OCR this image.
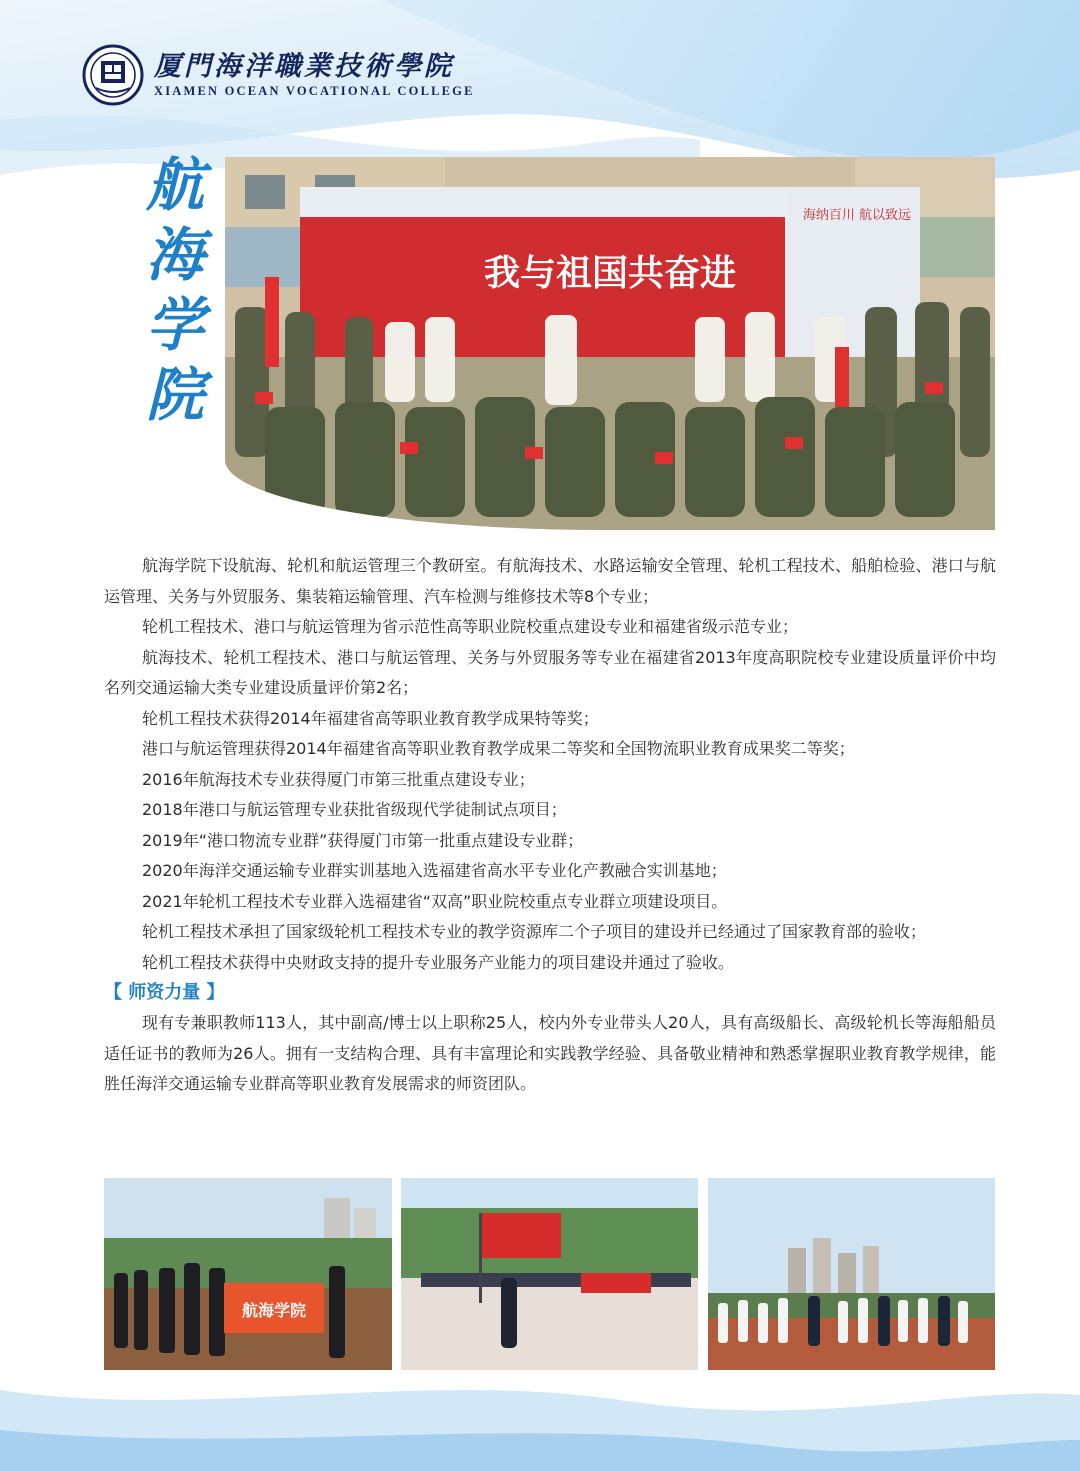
厦門海洋職業技術學院
XIAMEN OCEAN VOCATIONAL COLLEGE
航
海
学
院
我与祖国共奋进
海纳百川 航以致远

航海学院下设航海、轮机和航运管理三个教研室。有航海技术、水路运输安全管理、轮机工程技术、船舶检验、港口与航运管理、关务与外贸服务、集装箱运输管理、汽车检测与维修技术等8个专业；

轮机工程技术、港口与航运管理为省示范性高等职业院校重点建设专业和福建省级示范专业；

航海技术、轮机工程技术、港口与航运管理、关务与外贸服务等专业在福建省2013年度高职院校专业建设质量评价中均名列交通运输大类专业建设质量评价第2名；

轮机工程技术获得2014年福建省高等职业教育教学成果特等奖；

港口与航运管理获得2014年福建省高等职业教育教学成果二等奖和全国物流职业教育成果奖二等奖；

2016年航海技术专业获得厦门市第三批重点建设专业；

2018年港口与航运管理专业获批省级现代学徒制试点项目；

2019年“港口物流专业群”获得厦门市第一批重点建设专业群；

2020年海洋交通运输专业群实训基地入选福建省高水平专业化产教融合实训基地；

2021年轮机工程技术专业群入选福建省“双高”职业院校重点专业群立项建设项目。

轮机工程技术承担了国家级轮机工程技术专业的教学资源库二个子项目的建设并已经通过了国家教育部的验收；

轮机工程技术获得中央财政支持的提升专业服务产业能力的项目建设并通过了验收。

【 师资力量 】

现有专兼职教师113人，其中副高/博士以上职称25人，校内外专业带头人20人，具有高级船长、高级轮机长等海船船员适任证书的教师为26人。拥有一支结构合理、具有丰富理论和实践教学经验、具备敬业精神和熟悉掌握职业教育教学规律，能胜任海洋交通运输专业群高等职业教育发展需求的师资团队。

航海学院
